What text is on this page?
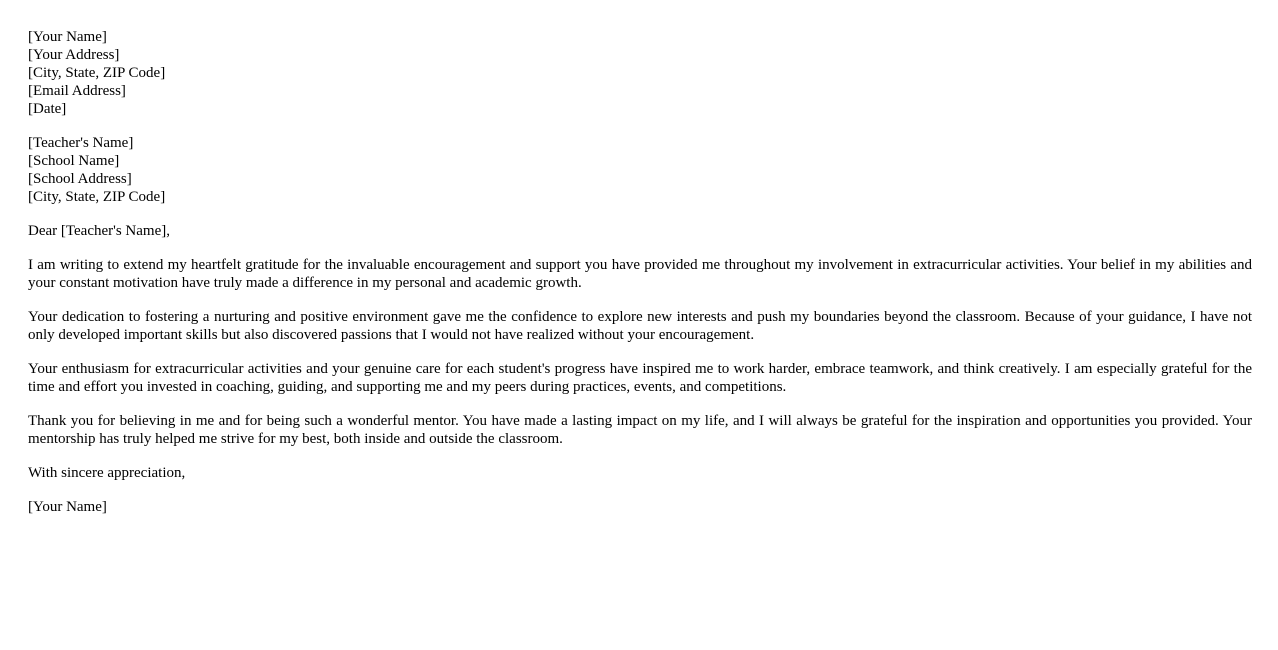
[Your Name]
[Your Address]
[City, State, ZIP Code]
[Email Address]
[Date]
[Teacher's Name]
[School Name]
[School Address]
[City, State, ZIP Code]

Dear [Teacher's Name],

I am writing to extend my heartfelt gratitude for the invaluable encouragement and support you have provided me throughout my involvement in extracurricular activities. Your belief in my abilities and your constant motivation have truly made a difference in my personal and academic growth.

Your dedication to fostering a nurturing and positive environment gave me the confidence to explore new interests and push my boundaries beyond the classroom. Because of your guidance, I have not only developed important skills but also discovered passions that I would not have realized without your encouragement.

Your enthusiasm for extracurricular activities and your genuine care for each student's progress have inspired me to work harder, embrace teamwork, and think creatively. I am especially grateful for the time and effort you invested in coaching, guiding, and supporting me and my peers during practices, events, and competitions.

Thank you for believing in me and for being such a wonderful mentor. You have made a lasting impact on my life, and I will always be grateful for the inspiration and opportunities you provided. Your mentorship has truly helped me strive for my best, both inside and outside the classroom.

With sincere appreciation,

[Your Name]
